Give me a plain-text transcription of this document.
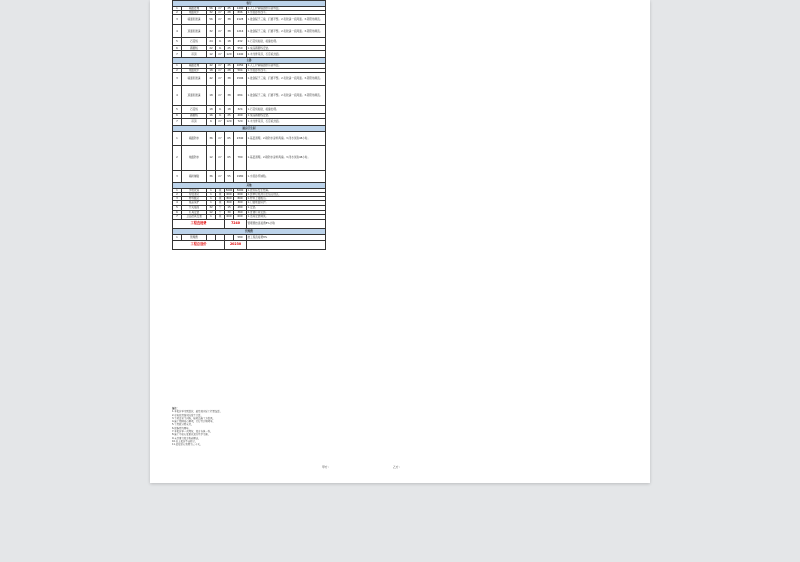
客厅						
1	墙面处理	56	m²	25	1400	1.人工铲除墙面原有涂料层。
2	地面找平	32	m²	28	896	1.水泥砂浆找平。
3	墙面乳胶漆	56	m²	38	2128	1.批刮腻子三遍，打磨平整。2.乳胶漆一底两面。3.阴阳角顺直。
4	顶面乳胶漆	32	m²	38	1216	1.批刮腻子三遍，打磨平整。2.乳胶漆一底两面。3.阴阳角顺直。
5	石膏线	24	m	18	432	1.石膏线粘贴，接缝处理。
6	踢脚线	22	m	25	550	1.成品踢脚线安装。
7	吊顶	12	m²	120	1440	1.木龙骨吊顶，石膏板封面。
主卧						
1	墙面处理	42	m²	25	1050	1.人工铲除墙面原有涂料层。
2	地面找平	18	m²	28	504	1.水泥砂浆找平。
3	墙面乳胶漆	42	m²	38	1596	1.批刮腻子三遍，打磨平整。2.乳胶漆一底两面。3.阴阳角顺直。
4	顶面乳胶漆	18	m²	38	684	1.批刮腻子三遍，打磨平整。2.乳胶漆一底两面。3.阴阳角顺直。
5	石膏线	18	m	18	324	1.石膏线粘贴，接缝处理。
6	踢脚线	16	m	25	400	1.成品踢脚线安装。
7	吊顶	6	m²	120	720	1.木龙骨吊顶，石膏板封面。
厨房卫生间						
1	墙面防水	36	m²	65	2340	1.基层清理。2.刷防水涂料两遍。3.闭水试验48小时。
2	地面防水	12	m²	65	780	1.基层清理。2.刷防水涂料两遍。3.闭水试验48小时。
3	墙砖铺贴	36	m²	55	1980	1.水泥砂浆铺贴。
其他						
1	水电改造	1	项	5000	5000	1.按实际发生结算。
2	垃圾清运	1	项	600	600	1.装修垃圾清运至指定地点。
3	材料搬运	1	项	800	800	1.材料上楼搬运。
4	成品保护	1	项	300	300	1.门窗地面保护。
5	开关插座	32	个	15	480	1.安装。
6	灯具安装	12	个	30	360	1.普通灯具安装。
7	卫浴洁具安装	1	项	600	600	1.洁具安装调试。
工程直接费				7240		管理费按直接费8%计取
管理费						
1	管理费				580	按工程直接费8%
工程总造价				20230		
备注：
1.本报价单为预算价，最终按实际工程量结算。
2.水电改造按实际发生计算。
3.主材由业主自购，辅材由施工方提供。
4.施工期间如有增项，另行签订增项单。
5.工程款分期支付。
6.保修期为两年。
7.本报价单一式两份，双方各执一份。
8.施工中如有变更以双方签字为准。
9.未尽事宜双方协商解决。
10.以上报价不含税金。
11.此报价有效期为三十天。
甲方：	乙方：
